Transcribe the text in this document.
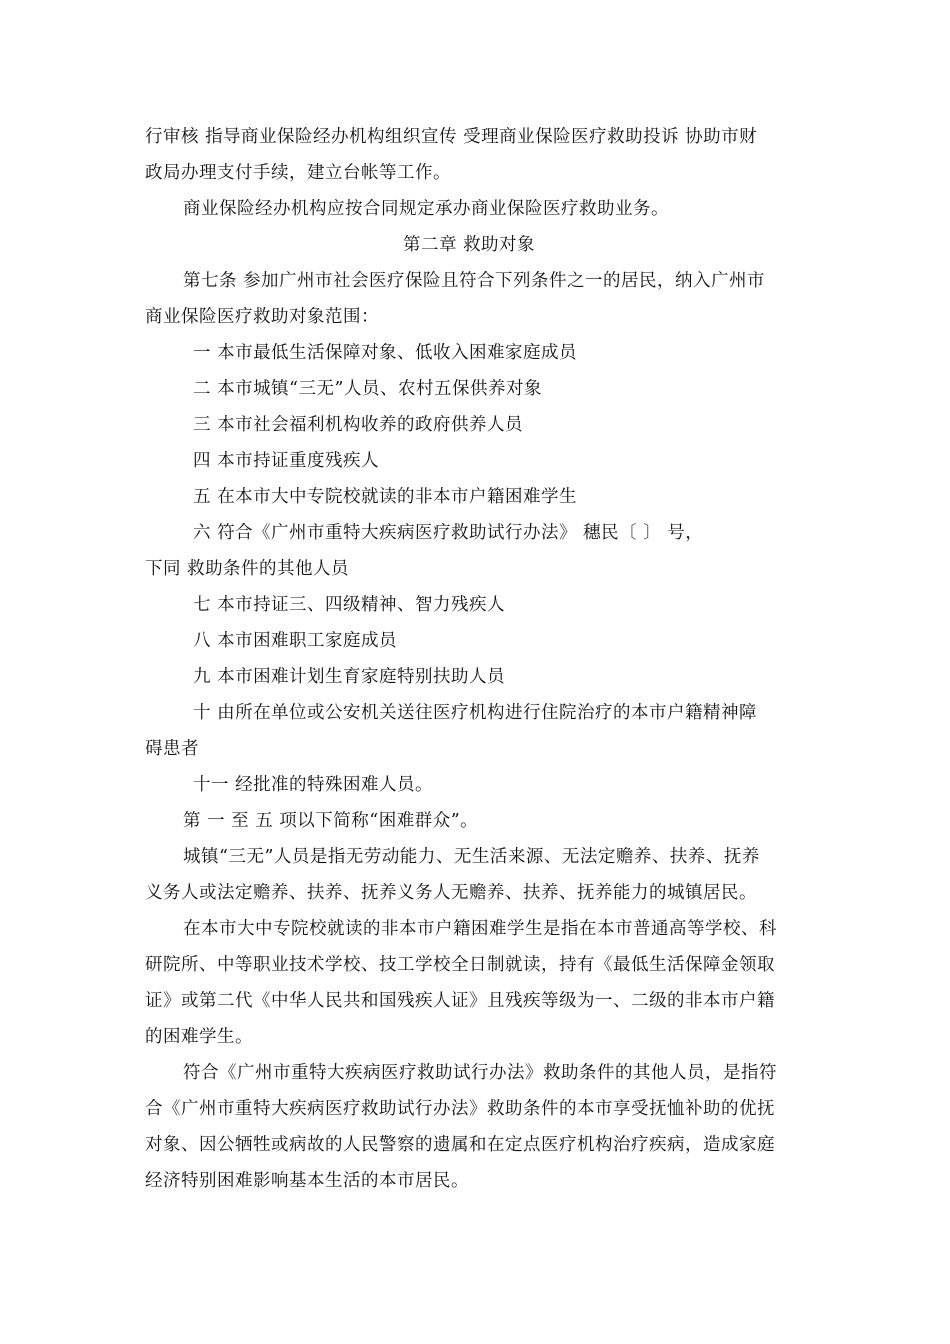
行审核 指导商业保险经办机构组织宣传 受理商业保险医疗救助投诉 协助市财
政局办理支付手续，建立台帐等工作。
商业保险经办机构应按合同规定承办商业保险医疗救助业务。
第二章 救助对象
第七条 参加广州市社会医疗保险且符合下列条件之一的居民，纳入广州市
商业保险医疗救助对象范围：
一 本市最低生活保障对象、低收入困难家庭成员
二 本市城镇“三无”人员、农村五保供养对象
三 本市社会福利机构收养的政府供养人员
四 本市持证重度残疾人
五 在本市大中专院校就读的非本市户籍困难学生
六 符合《广州市重特大疾病医疗救助试行办法》 穗民〔 〕 号，
下同 救助条件的其他人员
七 本市持证三、四级精神、智力残疾人
八 本市困难职工家庭成员
九 本市困难计划生育家庭特别扶助人员
十 由所在单位或公安机关送往医疗机构进行住院治疗的本市户籍精神障
碍患者
十一 经批准的特殊困难人员。
第 一 至 五 项以下简称“困难群众”。
城镇“三无”人员是指无劳动能力、无生活来源、无法定赡养、扶养、抚养
义务人或法定赡养、扶养、抚养义务人无赡养、扶养、抚养能力的城镇居民。
在本市大中专院校就读的非本市户籍困难学生是指在本市普通高等学校、科
研院所、中等职业技术学校、技工学校全日制就读，持有《最低生活保障金领取
证》或第二代《中华人民共和国残疾人证》且残疾等级为一、二级的非本市户籍
的困难学生。
符合《广州市重特大疾病医疗救助试行办法》救助条件的其他人员，是指符
合《广州市重特大疾病医疗救助试行办法》救助条件的本市享受抚恤补助的优抚
对象、因公牺牲或病故的人民警察的遗属和在定点医疗机构治疗疾病，造成家庭
经济特别困难影响基本生活的本市居民。
